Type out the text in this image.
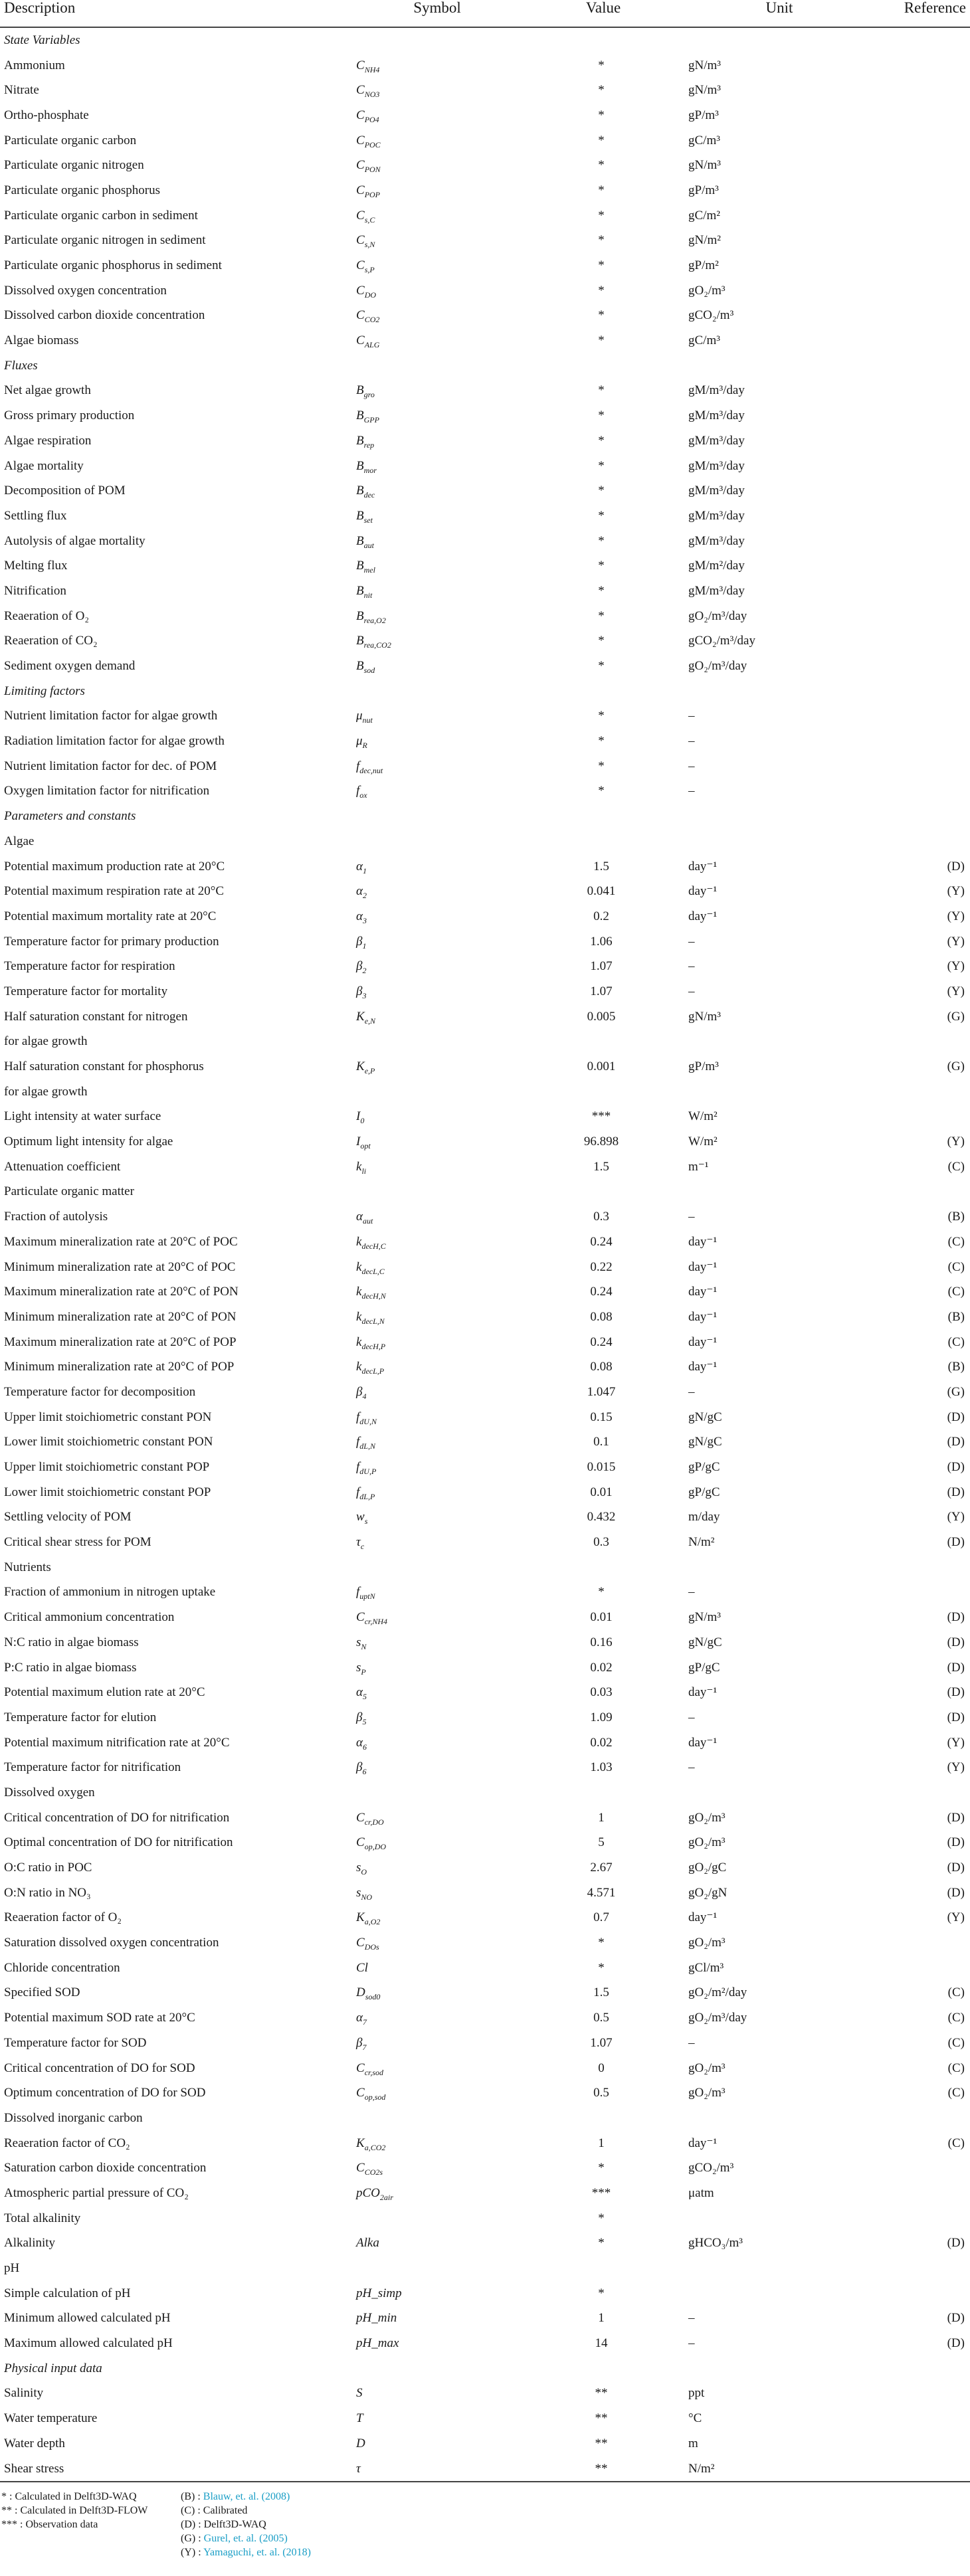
Description	Symbol	Value	Unit	Reference
State Variables				
Ammonium	$C_{NH4}$	*	gN/m³	
Nitrate	$C_{NO3}$	*	gN/m³	
Ortho-phosphate	$C_{PO4}$	*	gP/m³	
Particulate organic carbon	$C_{POC}$	*	gC/m³	
Particulate organic nitrogen	$C_{PON}$	*	gN/m³	
Particulate organic phosphorus	$C_{POP}$	*	gP/m³	
Particulate organic carbon in sediment	$C_{s,C}$	*	gC/m²	
Particulate organic nitrogen in sediment	$C_{s,N}$	*	gN/m²	
Particulate organic phosphorus in sediment	$C_{s,P}$	*	gP/m²	
Dissolved oxygen concentration	$C_{DO}$	*	gO₂/m³	
Dissolved carbon dioxide concentration	$C_{CO2}$	*	gCO₂/m³	
Algae biomass	$C_{ALG}$	*	gC/m³	
Fluxes				
Net algae growth	$B_{gro}$	*	gM/m³/day	
Gross primary production	$B_{GPP}$	*	gM/m³/day	
Algae respiration	$B_{rep}$	*	gM/m³/day	
Algae mortality	$B_{mor}$	*	gM/m³/day	
Decomposition of POM	$B_{dec}$	*	gM/m³/day	
Settling flux	$B_{set}$	*	gM/m³/day	
Autolysis of algae mortality	$B_{aut}$	*	gM/m³/day	
Melting flux	$B_{mel}$	*	gM/m²/day	
Nitrification	$B_{nit}$	*	gM/m³/day	
Reaeration of O₂	$B_{rea,O2}$	*	gO₂/m³/day	
Reaeration of CO₂	$B_{rea,CO2}$	*	gCO₂/m³/day	
Sediment oxygen demand	$B_{sod}$	*	gO₂/m³/day	
Limiting factors				
Nutrient limitation factor for algae growth	$\mu_{nut}$	*	–	
Radiation limitation factor for algae growth	$\mu_R$	*	–	
Nutrient limitation factor for dec. of POM	$f_{dec,nut}$	*	–	
Oxygen limitation factor for nitrification	$f_{ox}$	*	–	
Parameters and constants				
Algae				
Potential maximum production rate at 20°C	$\alpha_1$	1.5	day⁻¹	(D)
Potential maximum respiration rate at 20°C	$\alpha_2$	0.041	day⁻¹	(Y)
Potential maximum mortality rate at 20°C	$\alpha_3$	0.2	day⁻¹	(Y)
Temperature factor for primary production	$\beta_1$	1.06	–	(Y)
Temperature factor for respiration	$\beta_2$	1.07	–	(Y)
Temperature factor for mortality	$\beta_3$	1.07	–	(Y)
Half saturation constant for nitrogen	$K_{e,N}$	0.005	gN/m³	(G)
for algae growth				
Half saturation constant for phosphorus	$K_{e,P}$	0.001	gP/m³	(G)
for algae growth				
Light intensity at water surface	$I_0$	***	W/m²	
Optimum light intensity for algae	$I_{opt}$	96.898	W/m²	(Y)
Attenuation coefficient	$k_{li}$	1.5	m⁻¹	(C)
Particulate organic matter				
Fraction of autolysis	$\alpha_{aut}$	0.3	–	(B)
Maximum mineralization rate at 20°C of POC	$k_{decH,C}$	0.24	day⁻¹	(C)
Minimum mineralization rate at 20°C of POC	$k_{decL,C}$	0.22	day⁻¹	(C)
Maximum mineralization rate at 20°C of PON	$k_{decH,N}$	0.24	day⁻¹	(C)
Minimum mineralization rate at 20°C of PON	$k_{decL,N}$	0.08	day⁻¹	(B)
Maximum mineralization rate at 20°C of POP	$k_{decH,P}$	0.24	day⁻¹	(C)
Minimum mineralization rate at 20°C of POP	$k_{decL,P}$	0.08	day⁻¹	(B)
Temperature factor for decomposition	$\beta_4$	1.047	–	(G)
Upper limit stoichiometric constant PON	$f_{dU,N}$	0.15	gN/gC	(D)
Lower limit stoichiometric constant PON	$f_{dL,N}$	0.1	gN/gC	(D)
Upper limit stoichiometric constant POP	$f_{dU,P}$	0.015	gP/gC	(D)
Lower limit stoichiometric constant POP	$f_{dL,P}$	0.01	gP/gC	(D)
Settling velocity of POM	$w_s$	0.432	m/day	(Y)
Critical shear stress for POM	$\tau_c$	0.3	N/m²	(D)
Nutrients				
Fraction of ammonium in nitrogen uptake	$f_{uptN}$	*	–	
Critical ammonium concentration	$C_{cr,NH4}$	0.01	gN/m³	(D)
N:C ratio in algae biomass	$s_N$	0.16	gN/gC	(D)
P:C ratio in algae biomass	$s_P$	0.02	gP/gC	(D)
Potential maximum elution rate at 20°C	$\alpha_5$	0.03	day⁻¹	(D)
Temperature factor for elution	$\beta_5$	1.09	–	(D)
Potential maximum nitrification rate at 20°C	$\alpha_6$	0.02	day⁻¹	(Y)
Temperature factor for nitrification	$\beta_6$	1.03	–	(Y)
Dissolved oxygen				
Critical concentration of DO for nitrification	$C_{cr,DO}$	1	gO₂/m³	(D)
Optimal concentration of DO for nitrification	$C_{op,DO}$	5	gO₂/m³	(D)
O:C ratio in POC	$s_O$	2.67	gO₂/gC	(D)
O:N ratio in NO₃	$s_{NO}$	4.571	gO₂/gN	(D)
Reaeration factor of O₂	$K_{a,O2}$	0.7	day⁻¹	(Y)
Saturation dissolved oxygen concentration	$C_{DOs}$	*	gO₂/m³	
Chloride concentration	Cl	*	gCl/m³	
Specified SOD	$D_{sod0}$	1.5	gO₂/m²/day	(C)
Potential maximum SOD rate at 20°C	$\alpha_7$	0.5	gO₂/m³/day	(C)
Temperature factor for SOD	$\beta_7$	1.07	–	(C)
Critical concentration of DO for SOD	$C_{cr,sod}$	0	gO₂/m³	(C)
Optimum concentration of DO for SOD	$C_{op,sod}$	0.5	gO₂/m³	(C)
Dissolved inorganic carbon				
Reaeration factor of CO₂	$K_{a,CO2}$	1	day⁻¹	(C)
Saturation carbon dioxide concentration	$C_{CO2s}$	*	gCO₂/m³	
Atmospheric partial pressure of CO₂	pCO$_{2air}$	***	μatm	
Total alkalinity		*		
Alkalinity	Alka	*	gHCO₃/m³	(D)
pH				
Simple calculation of pH	pH_simp	*		
Minimum allowed calculated pH	pH_min	1	–	(D)
Maximum allowed calculated pH	pH_max	14	–	(D)
Physical input data				
Salinity	S	**	ppt	
Water temperature	T	**	°C	
Water depth	D	**	m	
Shear stress	τ	**	N/m²	
* : Calculated in Delft3D-WAQ
** : Calculated in Delft3D-FLOW
*** : Observation data
(B) : Blauw, et. al. (2008)
(C) : Calibrated
(D) : Delft3D-WAQ
(G) : Gurel, et. al. (2005)
(Y) : Yamaguchi, et. al. (2018)
